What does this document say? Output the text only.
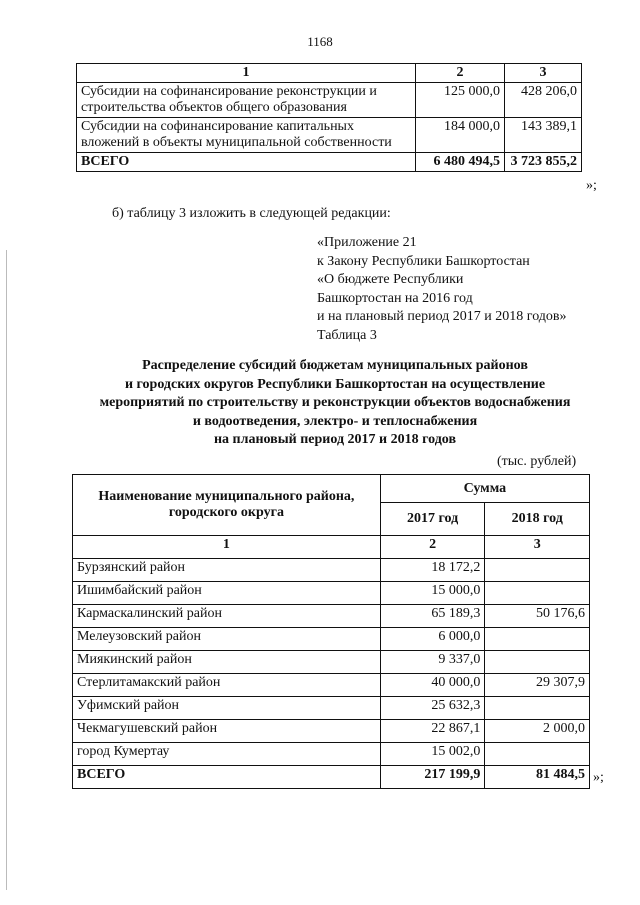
1168
1	2	3
Субсидии на софинансирование реконструкции и строительства объектов общего образования	125 000,0	428 206,0
Субсидии на софинансирование капитальных вложений в объекты муниципальной собственности	184 000,0	143 389,1
ВСЕГО	6 480 494,5	3 723 855,2
»;
б) таблицу 3 изложить в следующей редакции:
«Приложение 21
к Закону Республики Башкортостан
«О бюджете Республики
Башкортостан на 2016 год
и на плановый период 2017 и 2018 годов»
Таблица 3
Распределение субсидий бюджетам муниципальных районов
и городских округов Республики Башкортостан на осуществление
мероприятий по строительству и реконструкции объектов водоснабжения
и водоотведения, электро- и теплоснабжения
на плановый период 2017 и 2018 годов
(тыс. рублей)
Наименование муниципального района, городского округа	Сумма	
	2017 год	2018 год
1	2	3
Бурзянский район	18 172,2	
Ишимбайский район	15 000,0	
Кармаскалинский район	65 189,3	50 176,6
Мелеузовский район	6 000,0	
Миякинский район	9 337,0	
Стерлитамакский район	40 000,0	29 307,9
Уфимский район	25 632,3	
Чекмагушевский район	22 867,1	2 000,0
город Кумертау	15 002,0	
ВСЕГО	217 199,9	81 484,5 »;
